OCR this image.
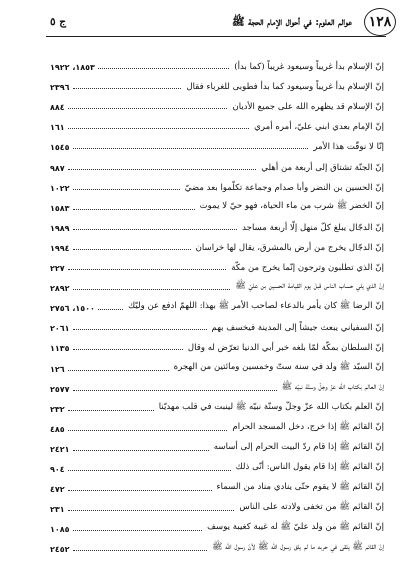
١٢٨
عوالم العلوم: في أحوال الإمام الحجة ﷺ
ج ٥
إنّ الإسلام بدأ غريباً وسيعود غريباً (كما بدأ)
١٨٥٣، ١٩٢٢
إنّ الإسلام بدأ غريباً وسيعود كما بدأ فطوبى للغرباء فقال
٢٣٩٦
إنّ الإسلام قد يظهره الله على جميع الأديان
٨٨٤
إنّ الإمام بعدي ابني عليّ، أمره أمري
١٦١
إنّا لا نوقّت هذا الأمر
١٥٤٥
إنّ الجنّة تشتاق إلى أربعة من أهلي
٩٨٧
إنّ الحسين بن النضر وأبا صدام وجماعة تكلّموا بعد مضيّ
١٠٢٢
إنّ الخضر ﷺ شرب من ماء الحياة، فهو حيّ لا يموت
١٥٨٣
إنّ الدجّال يبلغ كلّ منهل إلّا أربعة مساجد
١٩٨٩
إنّ الدجّال يخرج من أرض بالمشرق، يقال لها خراسان
١٩٩٤
إنّ الذي تطلبون وترجون إنّما يخرج من مكّة
٢٢٧
إنّ الذي يلي حساب الناس قبل يوم القيامة الحسين بن عليّ ﷺ
٢٨٩٢
إنّ الرضا ﷺ كان يأمر بالدعاء لصاحب الأمر ﷺ بهذا: اللهمّ ادفع عن وليّك
١٥٠٠، ٢٧٥٦
إنّ السفياني يبعث جيشاً إلى المدينة فيخسف بهم
٢٠٦١
إنّ السلطان بمكّة لمّا بلغه خبر أبي الدنيا تعرّض له وقال
١١٣٥
إنّ السيّد ﷺ ولد في سنة ستّ وخمسين ومائتين من الهجرة
١٢٦
إنّ العالم بكتاب الله عزّ وجلّ وسنّة نبيّه ﷺ
٢٥٧٧
إنّ العلم بكتاب الله عزّ وجلّ وسنّة نبيّه ﷺ لينبت في قلب مهديّنا
٢٣٢
إنّ القائم ﷺ إذا خرج، دخل المسجد الحرام
٤٨٥
إنّ القائم ﷺ إذا قام ردّ البيت الحرام إلى أساسه
٢٤٢١
إنّ القائم ﷺ إذا قام يقول الناس: أنّى ذلك
٩٠٤
إنّ القائم ﷺ لا يقوم حتّى ينادي مناد من السماء
٤٧٢
إنّ القائم ﷺ من تخفى ولادته على الناس
٢٣١
إنّ القائم ﷺ من ولد عليّ ﷺ له غيبة كغيبة يوسف
١٠٨٥
إنّ القائم ﷺ يلقى في حربه ما لم يلق رسول الله ﷺ لأنّ رسول الله ﷺ
٢٤٥٢
